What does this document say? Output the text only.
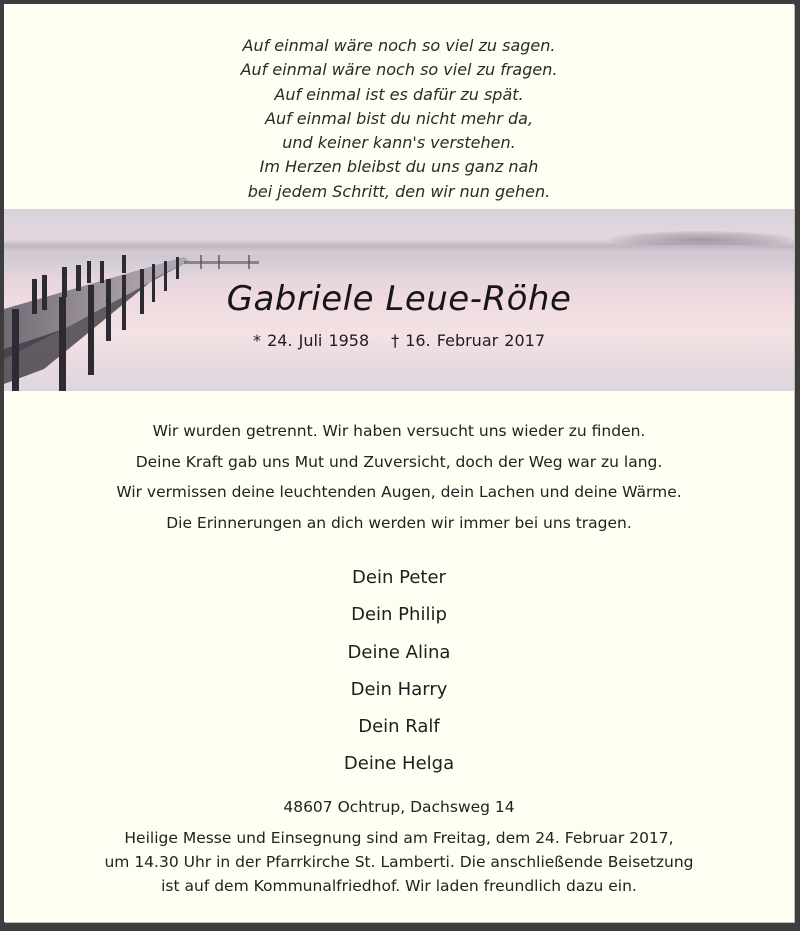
Auf einmal wäre noch so viel zu sagen.
Auf einmal wäre noch so viel zu fragen.
Auf einmal ist es dafür zu spät.
Auf einmal bist du nicht mehr da,
und keiner kann's verstehen.
Im Herzen bleibst du uns ganz nah
bei jedem Schritt, den wir nun gehen.
Gabriele Leue-Röhe
* 24. Juli 1958 † 16. Februar 2017
Wir wurden getrennt. Wir haben versucht uns wieder zu finden.
Deine Kraft gab uns Mut und Zuversicht, doch der Weg war zu lang.
Wir vermissen deine leuchtenden Augen, dein Lachen und deine Wärme.
Die Erinnerungen an dich werden wir immer bei uns tragen.
Dein Peter
Dein Philip
Deine Alina
Dein Harry
Dein Ralf
Deine Helga
48607 Ochtrup, Dachsweg 14
Heilige Messe und Einsegnung sind am Freitag, dem 24. Februar 2017,
um 14.30 Uhr in der Pfarrkirche St. Lamberti. Die anschließende Beisetzung
ist auf dem Kommunalfriedhof. Wir laden freundlich dazu ein.
